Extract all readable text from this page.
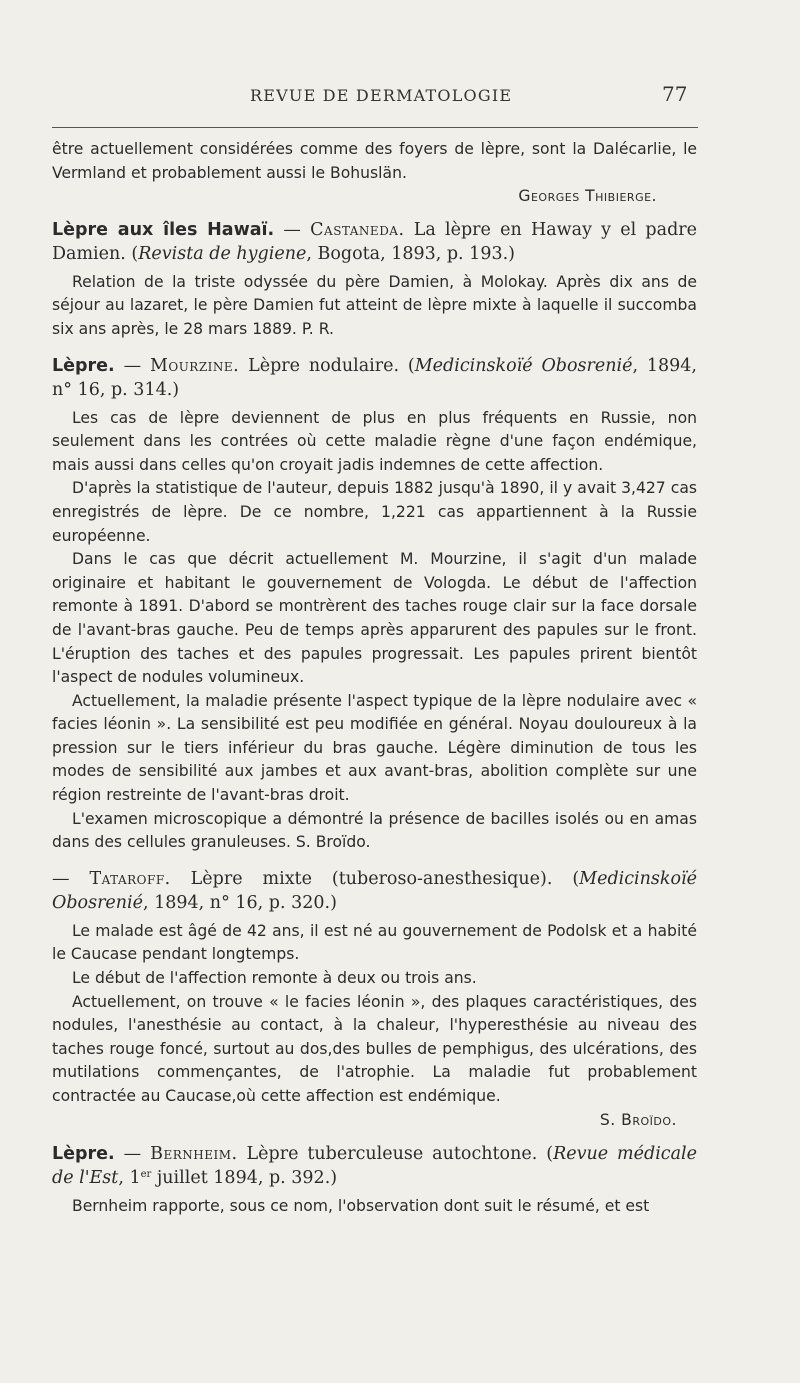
REVUE DE DERMATOLOGIE	77

être actuellement considérées comme des foyers de lèpre, sont la Dalécarlie, le Vermland et probablement aussi le Bohuslän.

Georges Thibierge.

Lèpre aux îles Hawaï. — Castaneda. La lèpre en Haway y el padre Damien. (Revista de hygiene, Bogota, 1893, p. 193.)

Relation de la triste odyssée du père Damien, à Molokay. Après dix ans de séjour au lazaret, le père Damien fut atteint de lèpre mixte à laquelle il succomba six ans après, le 28 mars 1889. P. R.

Lèpre. — Mourzine. Lèpre nodulaire. (Medicinskoïé Obosrenié, 1894, n° 16, p. 314.)

Les cas de lèpre deviennent de plus en plus fréquents en Russie, non seulement dans les contrées où cette maladie règne d'une façon endémique, mais aussi dans celles qu'on croyait jadis indemnes de cette affection.

D'après la statistique de l'auteur, depuis 1882 jusqu'à 1890, il y avait 3,427 cas enregistrés de lèpre. De ce nombre, 1,221 cas appartiennent à la Russie européenne.

Dans le cas que décrit actuellement M. Mourzine, il s'agit d'un malade originaire et habitant le gouvernement de Vologda. Le début de l'affection remonte à 1891. D'abord se montrèrent des taches rouge clair sur la face dorsale de l'avant-bras gauche. Peu de temps après apparurent des papules sur le front. L'éruption des taches et des papules progressait. Les papules prirent bientôt l'aspect de nodules volumineux.

Actuellement, la maladie présente l'aspect typique de la lèpre nodulaire avec « facies léonin ». La sensibilité est peu modifiée en général. Noyau douloureux à la pression sur le tiers inférieur du bras gauche. Légère diminution de tous les modes de sensibilité aux jambes et aux avant-bras, abolition complète sur une région restreinte de l'avant-bras droit.

L'examen microscopique a démontré la présence de bacilles isolés ou en amas dans des cellules granuleuses. S. Broïdo.

— Tataroff. Lèpre mixte (tuberoso-anesthesique). (Medicinskoïé Obosrenié, 1894, n° 16, p. 320.)

Le malade est âgé de 42 ans, il est né au gouvernement de Podolsk et a habité le Caucase pendant longtemps.

Le début de l'affection remonte à deux ou trois ans.

Actuellement, on trouve « le facies léonin », des plaques caractéristiques, des nodules, l'anesthésie au contact, à la chaleur, l'hyperesthésie au niveau des taches rouge foncé, surtout au dos,des bulles de pemphigus, des ulcérations, des mutilations commençantes, de l'atrophie. La maladie fut probablement contractée au Caucase,où cette affection est endémique.

S. Broïdo.

Lèpre. — Bernheim. Lèpre tuberculeuse autochtone. (Revue médicale de l'Est, 1er juillet 1894, p. 392.)

Bernheim rapporte, sous ce nom, l'observation dont suit le résumé, et est
